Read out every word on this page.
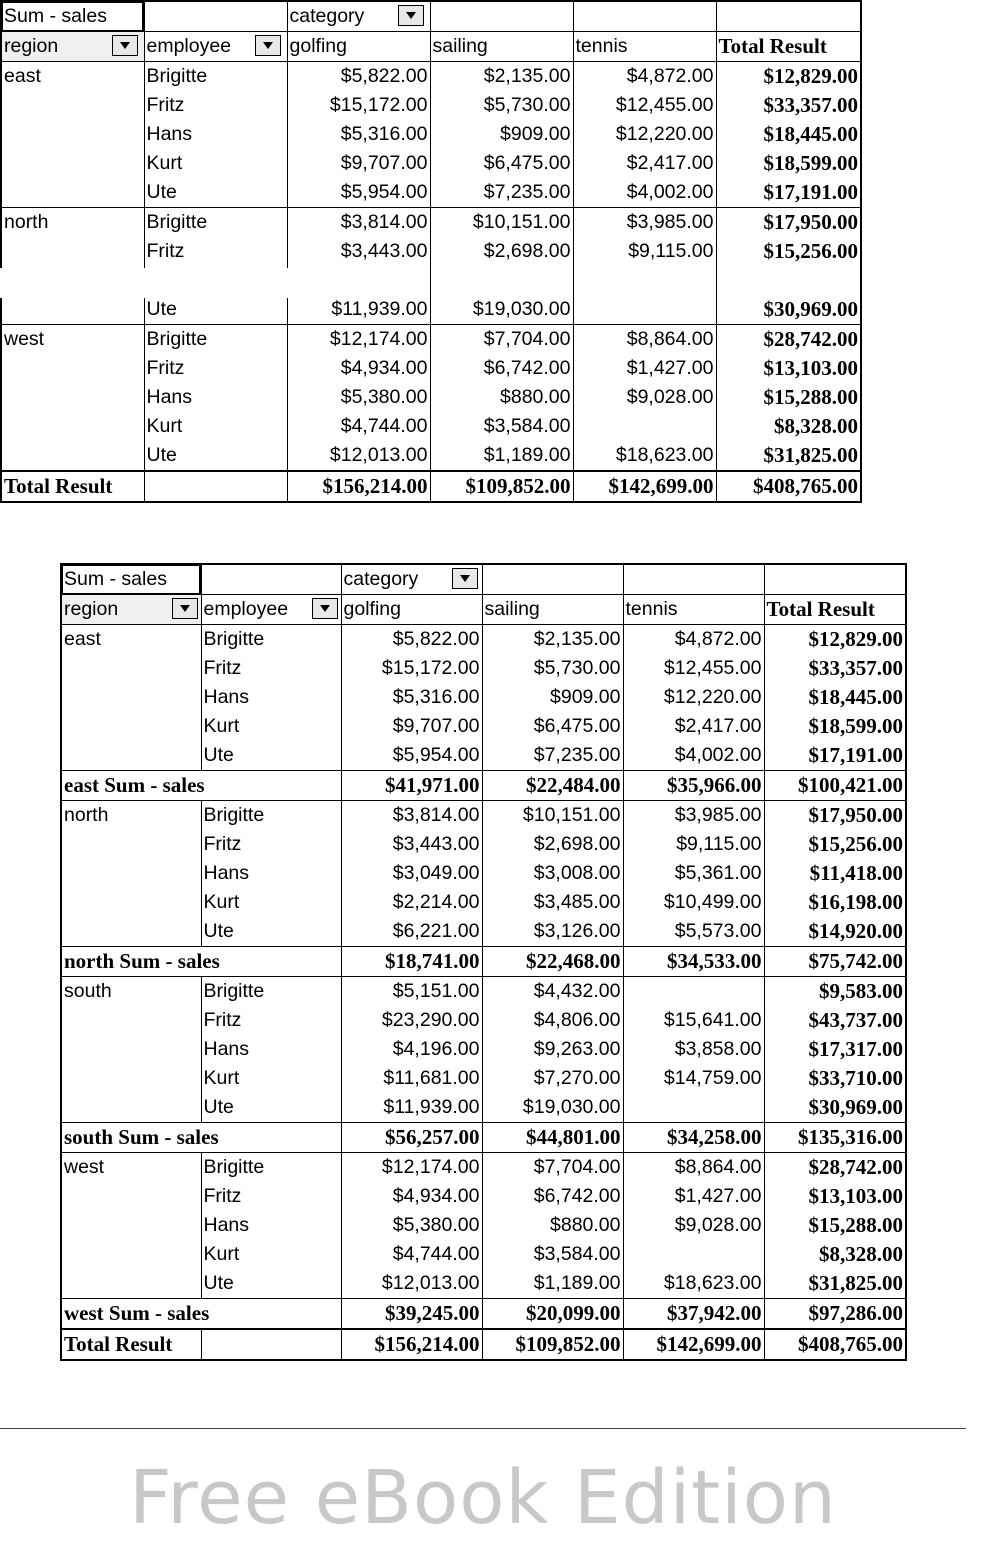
Sum - sales		category

region	employee	golfing	sailing	tennis	Total Result
east	Brigitte	$5,822.00	$2,135.00	$4,872.00	$12,829.00
	Fritz	$15,172.00	$5,730.00	$12,455.00	$33,357.00
	Hans	$5,316.00	$909.00	$12,220.00	$18,445.00
	Kurt	$9,707.00	$6,475.00	$2,417.00	$18,599.00
	Ute	$5,954.00	$7,235.00	$4,002.00	$17,191.00
north	Brigitte	$3,814.00	$10,151.00	$3,985.00	$17,950.00
	Fritz	$3,443.00	$2,698.00	$9,115.00	$15,256.00

	Ute	$11,939.00	$19,030.00		$30,969.00
west	Brigitte	$12,174.00	$7,704.00	$8,864.00	$28,742.00
	Fritz	$4,934.00	$6,742.00	$1,427.00	$13,103.00
	Hans	$5,380.00	$880.00	$9,028.00	$15,288.00
	Kurt	$4,744.00	$3,584.00		$8,328.00
	Ute	$12,013.00	$1,189.00	$18,623.00	$31,825.00
Total Result		$156,214.00	$109,852.00	$142,699.00	$408,765.00
Sum - sales		category

region	employee	golfing	sailing	tennis	Total Result
east	Brigitte	$5,822.00	$2,135.00	$4,872.00	$12,829.00
	Fritz	$15,172.00	$5,730.00	$12,455.00	$33,357.00
	Hans	$5,316.00	$909.00	$12,220.00	$18,445.00
	Kurt	$9,707.00	$6,475.00	$2,417.00	$18,599.00
	Ute	$5,954.00	$7,235.00	$4,002.00	$17,191.00
east Sum - sales		$41,971.00	$22,484.00	$35,966.00	$100,421.00
north	Brigitte	$3,814.00	$10,151.00	$3,985.00	$17,950.00
	Fritz	$3,443.00	$2,698.00	$9,115.00	$15,256.00
	Hans	$3,049.00	$3,008.00	$5,361.00	$11,418.00
	Kurt	$2,214.00	$3,485.00	$10,499.00	$16,198.00
	Ute	$6,221.00	$3,126.00	$5,573.00	$14,920.00
north Sum - sales		$18,741.00	$22,468.00	$34,533.00	$75,742.00
south	Brigitte	$5,151.00	$4,432.00		$9,583.00
	Fritz	$23,290.00	$4,806.00	$15,641.00	$43,737.00
	Hans	$4,196.00	$9,263.00	$3,858.00	$17,317.00
	Kurt	$11,681.00	$7,270.00	$14,759.00	$33,710.00
	Ute	$11,939.00	$19,030.00		$30,969.00
south Sum - sales		$56,257.00	$44,801.00	$34,258.00	$135,316.00
west	Brigitte	$12,174.00	$7,704.00	$8,864.00	$28,742.00
	Fritz	$4,934.00	$6,742.00	$1,427.00	$13,103.00
	Hans	$5,380.00	$880.00	$9,028.00	$15,288.00
	Kurt	$4,744.00	$3,584.00		$8,328.00
	Ute	$12,013.00	$1,189.00	$18,623.00	$31,825.00
west Sum - sales		$39,245.00	$20,099.00	$37,942.00	$97,286.00
Total Result		$156,214.00	$109,852.00	$142,699.00	$408,765.00
Free eBook Edition
